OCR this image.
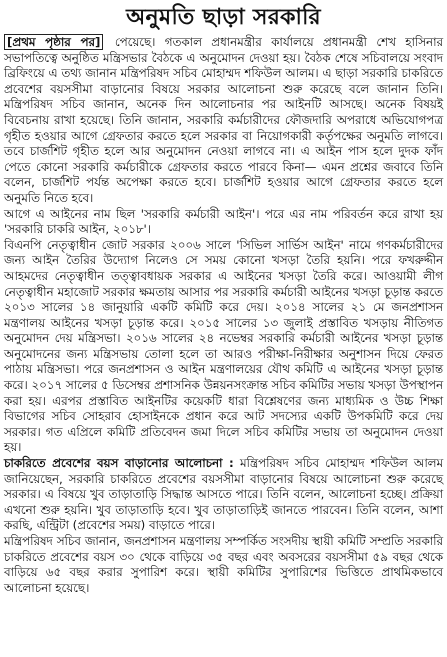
অনুমতি ছাড়া সরকারি

[প্রথম পৃষ্ঠার পর] পেয়েছে। গতকাল প্রধানমন্ত্রীর কার্যালয়ে প্রধানমন্ত্রী শেখ হাসিনার সভাপতিত্বে অনুষ্ঠিত মন্ত্রিসভার বৈঠকে এ অনুমোদন দেওয়া হয়। বৈঠক শেষে সচিবালয়ে সংবাদ ব্রিফিংয়ে এ তথ্য জানান মন্ত্রিপরিষদ সচিব মোহাম্মদ শফিউল আলম। এ ছাড়া সরকারি চাকরিতে প্রবেশের বয়সসীমা বাড়ানোর বিষয়ে সরকার আলোচনা শুরু করেছে বলে জানান তিনি। মন্ত্রিপরিষদ সচিব জানান, অনেক দিন আলোচনার পর আইনটি আসছে। অনেক বিষয়ই বিবেচনায় রাখা হয়েছে। তিনি জানান, সরকারি কর্মচারীদের ফৌজদারি অপরাধে অভিযোগপত্র গৃহীত হওয়ার আগে গ্রেফতার করতে হলে সরকার বা নিয়োগকারী কর্তৃপক্ষের অনুমতি লাগবে। তবে চার্জশিট গৃহীত হলে আর অনুমোদন নেওয়া লাগবে না। এ আইন পাস হলে দুদক ফাঁদ পেতে কোনো সরকারি কর্মচারীকে গ্রেফতার করতে পারবে কিনা— এমন প্রশ্নের জবাবে তিনি বলেন, চার্জশিট পর্যন্ত অপেক্ষা করতে হবে। চার্জশিট হওয়ার আগে গ্রেফতার করতে হলে অনুমতি নিতে হবে।

আগে এ আইনের নাম ছিল 'সরকারি কর্মচারী আইন'। পরে এর নাম পরিবর্তন করে রাখা হয় 'সরকারি চাকরি আইন, ২০১৮'।

বিএনপি নেতৃত্বাধীন জোট সরকার ২০০৬ সালে 'সিভিল সার্ভিস আইন' নামে গণকর্মচারীদের জন্য আইন তৈরির উদ্যোগ নিলেও সে সময় কোনো খসড়া তৈরি হয়নি। পরে ফখরুদ্দীন আহমদের নেতৃত্বাধীন তত্ত্বাবধায়ক সরকার এ আইনের খসড়া তৈরি করে। আওয়ামী লীগ নেতৃত্বাধীন মহাজোট সরকার ক্ষমতায় আসার পর সরকারি কর্মচারী আইনের খসড়া চূড়ান্ত করতে ২০১৩ সালের ১৪ জানুয়ারি একটি কমিটি করে দেয়। ২০১৪ সালের ২১ মে জনপ্রশাসন মন্ত্রণালয় আইনের খসড়া চূড়ান্ত করে। ২০১৫ সালের ১৩ জুলাই প্রস্তাবিত খসড়ায় নীতিগত অনুমোদন দেয় মন্ত্রিসভা। ২০১৬ সালের ২৪ নভেম্বর সরকারি কর্মচারী আইনের খসড়া চূড়ান্ত অনুমোদনের জন্য মন্ত্রিসভায় তোলা হলে তা আরও পরীক্ষা-নিরীক্ষার অনুশাসন দিয়ে ফেরত পাঠায় মন্ত্রিসভা। পরে জনপ্রশাসন ও আইন মন্ত্রণালয়ের যৌথ কমিটি এ আইনের খসড়া চূড়ান্ত করে। ২০১৭ সালের ৫ ডিসেম্বর প্রশাসনিক উন্নয়নসংক্রান্ত সচিব কমিটির সভায় খসড়া উপস্থাপন করা হয়। এরপর প্রস্তাবিত আইনটির কয়েকটি ধারা বিশ্লেষণের জন্য মাধ্যমিক ও উচ্চ শিক্ষা বিভাগের সচিব সোহরাব হোসাইনকে প্রধান করে আট সদস্যের একটি উপকমিটি করে দেয় সরকার। গত এপ্রিলে কমিটি প্রতিবেদন জমা দিলে সচিব কমিটির সভায় তা অনুমোদন দেওয়া হয়।

চাকরিতে প্রবেশের বয়স বাড়ানোর আলোচনা : মন্ত্রিপরিষদ সচিব মোহাম্মদ শফিউল আলম জানিয়েছেন, সরকারি চাকরিতে প্রবেশের বয়সসীমা বাড়ানোর বিষয়ে আলোচনা শুরু করেছে সরকার। এ বিষয়ে খুব তাড়াতাড়ি সিদ্ধান্ত আসতে পারে। তিনি বলেন, আলোচনা হচ্ছে। প্রক্রিয়া এখনো শুরু হয়নি। খুব তাড়াতাড়ি হবে। খুব তাড়াতাড়িই জানতে পারবেন। তিনি বলেন, আশা করছি, এন্ট্রিটা (প্রবেশের সময়) বাড়াতে পারে।

মন্ত্রিপরিষদ সচিব জানান, জনপ্রশাসন মন্ত্রণালয় সম্পর্কিত সংসদীয় স্থায়ী কমিটি সম্প্রতি সরকারি চাকরিতে প্রবেশের বয়স ৩০ থেকে বাড়িয়ে ৩৫ বছর এবং অবসরের বয়সসীমা ৫৯ বছর থেকে বাড়িয়ে ৬৫ বছর করার সুপারিশ করে। স্থায়ী কমিটির সুপারিশের ভিত্তিতে প্রাথমিকভাবে আলোচনা হয়েছে।
